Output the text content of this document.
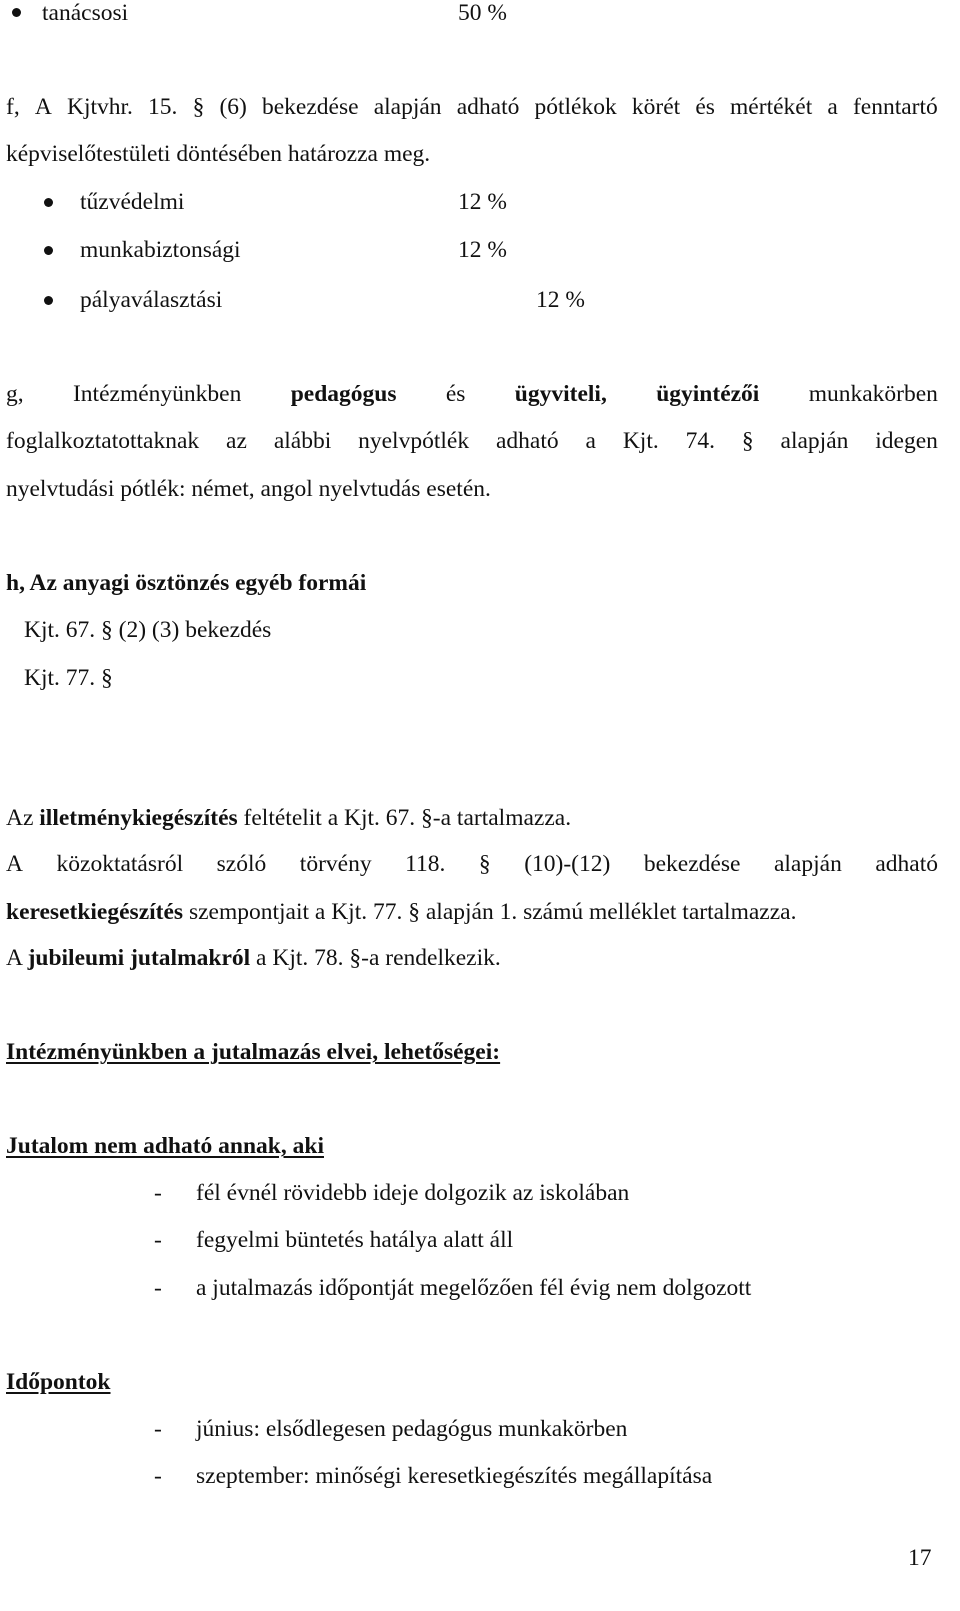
tanácsosi	50 %
f, A Kjtvhr. 15. § (6) bekezdése alapján adható pótlékok körét és mértékét a fenntartó
képviselőtestületi döntésében határozza meg.
tűzvédelmi	12 %
munkabiztonsági	12 %
pályaválasztási	12 %
g, Intézményünkben pedagógus és ügyviteli, ügyintézői munkakörben
foglalkoztatottaknak az alábbi nyelvpótlék adható a Kjt. 74. § alapján idegen
nyelvtudási pótlék: német, angol nyelvtudás esetén.
h, Az anyagi ösztönzés egyéb formái
Kjt. 67. § (2) (3) bekezdés
Kjt. 77. §
Az illetménykiegészítés feltételit a Kjt. 67. §-a tartalmazza.
A közoktatásról szóló törvény 118. § (10)-(12) bekezdése alapján adható
keresetkiegészítés szempontjait a Kjt. 77. § alapján 1. számú melléklet tartalmazza.
A jubileumi jutalmakról a Kjt. 78. §-a rendelkezik.
Intézményünkben a jutalmazás elvei, lehetőségei:
Jutalom nem adható annak, aki
- fél évnél rövidebb ideje dolgozik az iskolában
- fegyelmi büntetés hatálya alatt áll
- a jutalmazás időpontját megelőzően fél évig nem dolgozott
Időpontok
- június: elsődlegesen pedagógus munkakörben
- szeptember: minőségi keresetkiegészítés megállapítása
17
